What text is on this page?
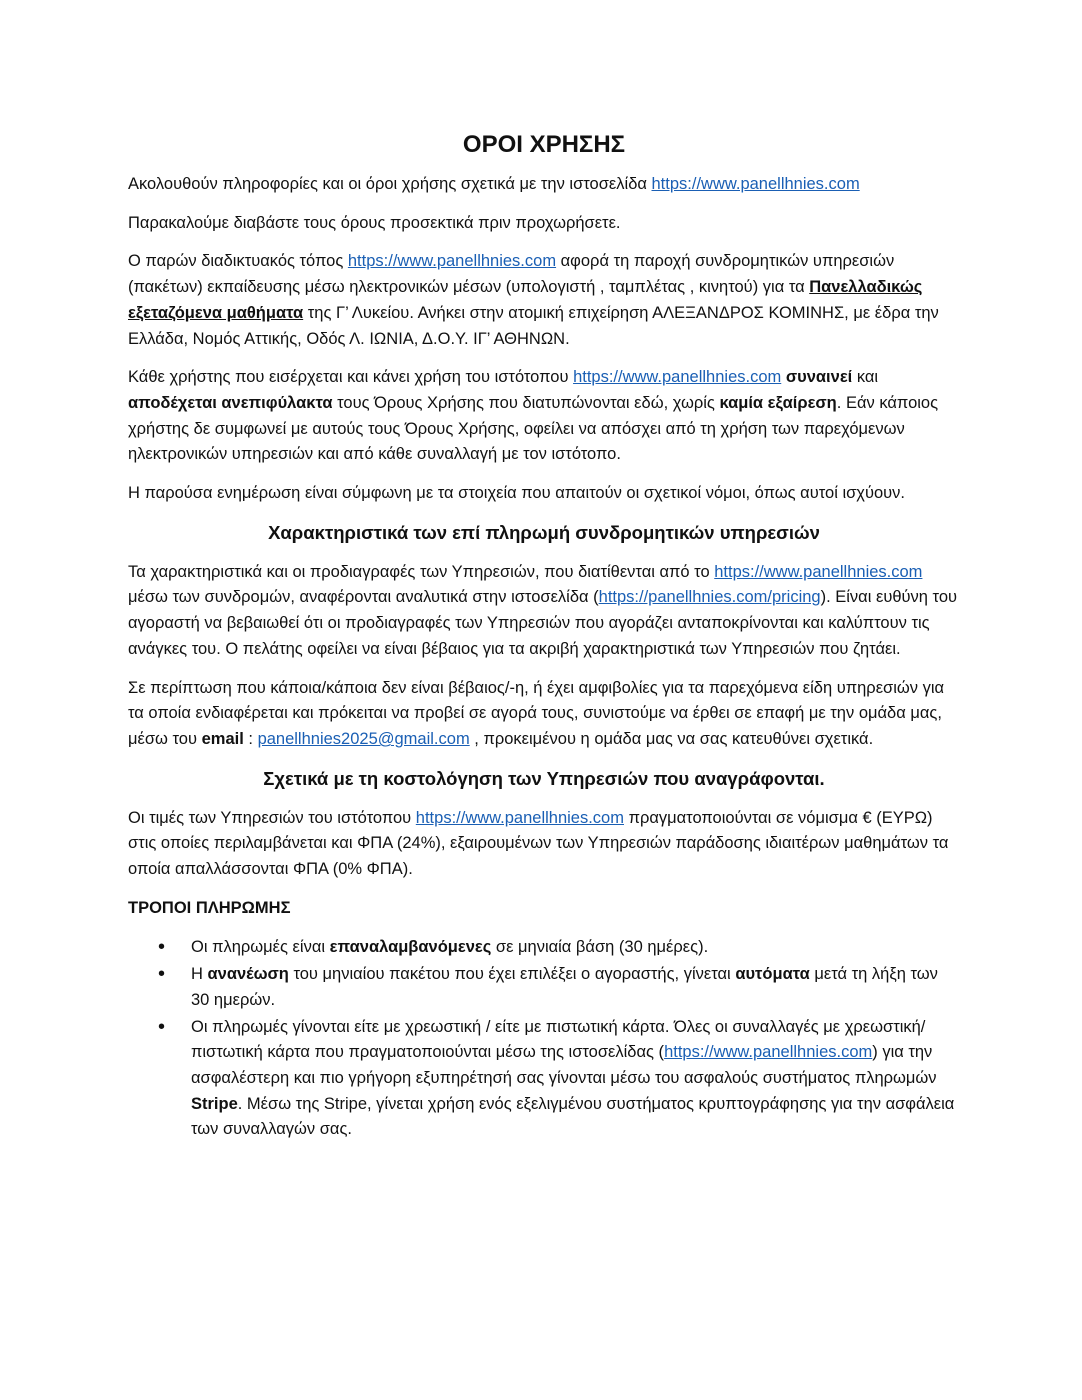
ΟΡΟΙ ΧΡΗΣΗΣ

Ακολουθούν πληροφορίες και οι όροι χρήσης σχετικά με την ιστοσελίδα https://www.panellhnies.com

Παρακαλούμε διαβάστε τους όρους προσεκτικά πριν προχωρήσετε.

Ο παρών διαδικτυακός τόπος https://www.panellhnies.com αφορά τη παροχή συνδρομητικών υπηρεσιών (πακέτων) εκπαίδευσης μέσω ηλεκτρονικών μέσων (υπολογιστή , ταμπλέτας , κινητού) για τα Πανελλαδικώς εξεταζόμενα μαθήματα της Γ’ Λυκείου. Ανήκει στην ατομική επιχείρηση ΑΛΕΞΑΝΔΡΟΣ ΚΟΜΙΝΗΣ, με έδρα την Ελλάδα, Νομός Αττικής, Οδός Λ. ΙΩΝΙΑ, Δ.Ο.Υ. ΙΓ’ ΑΘΗΝΩΝ.

Κάθε χρήστης που εισέρχεται και κάνει χρήση του ιστότοπου https://www.panellhnies.com συναινεί και αποδέχεται ανεπιφύλακτα τους Όρους Χρήσης που διατυπώνονται εδώ, χωρίς καμία εξαίρεση. Εάν κάποιος χρήστης δε συμφωνεί με αυτούς τους Όρους Χρήσης, οφείλει να απόσχει από τη χρήση των παρεχόμενων ηλεκτρονικών υπηρεσιών και από κάθε συναλλαγή με τον ιστότοπο.

Η παρούσα ενημέρωση είναι σύμφωνη με τα στοιχεία που απαιτούν οι σχετικοί νόμοι, όπως αυτοί ισχύουν.

Χαρακτηριστικά των επί πληρωμή συνδρομητικών υπηρεσιών

Τα χαρακτηριστικά και οι προδιαγραφές των Υπηρεσιών, που διατίθενται από το https://www.panellhnies.com μέσω των συνδρομών, αναφέρονται αναλυτικά στην ιστοσελίδα (https://panellhnies.com/pricing). Είναι ευθύνη του αγοραστή να βεβαιωθεί ότι οι προδιαγραφές των Υπηρεσιών που αγοράζει ανταποκρίνονται και καλύπτουν τις ανάγκες του. Ο πελάτης οφείλει να είναι βέβαιος για τα ακριβή χαρακτηριστικά των Υπηρεσιών που ζητάει.

Σε περίπτωση που κάποια/κάποια δεν είναι βέβαιος/-η, ή έχει αμφιβολίες για τα παρεχόμενα είδη υπηρεσιών για τα οποία ενδιαφέρεται και πρόκειται να προβεί σε αγορά τους, συνιστούμε να έρθει σε επαφή με την ομάδα μας, μέσω του email : panellhnies2025@gmail.com , προκειμένου η ομάδα μας να σας κατευθύνει σχετικά.

Σχετικά με τη κοστολόγηση των Υπηρεσιών που αναγράφονται.

Οι τιμές των Υπηρεσιών του ιστότοπου https://www.panellhnies.com πραγματοποιούνται σε νόμισμα € (ΕΥΡΩ) στις οποίες περιλαμβάνεται και ΦΠΑ (24%), εξαιρουμένων των Υπηρεσιών παράδοσης ιδιαιτέρων μαθημάτων τα οποία απαλλάσσονται ΦΠΑ (0% ΦΠΑ).

ΤΡΟΠΟΙ ΠΛΗΡΩΜΗΣ
• Οι πληρωμές είναι επαναλαμβανόμενες σε μηνιαία βάση (30 ημέρες).
• Η ανανέωση του μηνιαίου πακέτου που έχει επιλέξει ο αγοραστής, γίνεται αυτόματα μετά τη λήξη των 30 ημερών.
• Οι πληρωμές γίνονται είτε με χρεωστική / είτε με πιστωτική κάρτα. Όλες οι συναλλαγές με χρεωστική/πιστωτική κάρτα που πραγματοποιούνται μέσω της ιστοσελίδας (https://www.panellhnies.com) για την ασφαλέστερη και πιο γρήγορη εξυπηρέτησή σας γίνονται μέσω του ασφαλούς συστήματος πληρωμών Stripe. Μέσω της Stripe, γίνεται χρήση ενός εξελιγμένου συστήματος κρυπτογράφησης για την ασφάλεια των συναλλαγών σας.
